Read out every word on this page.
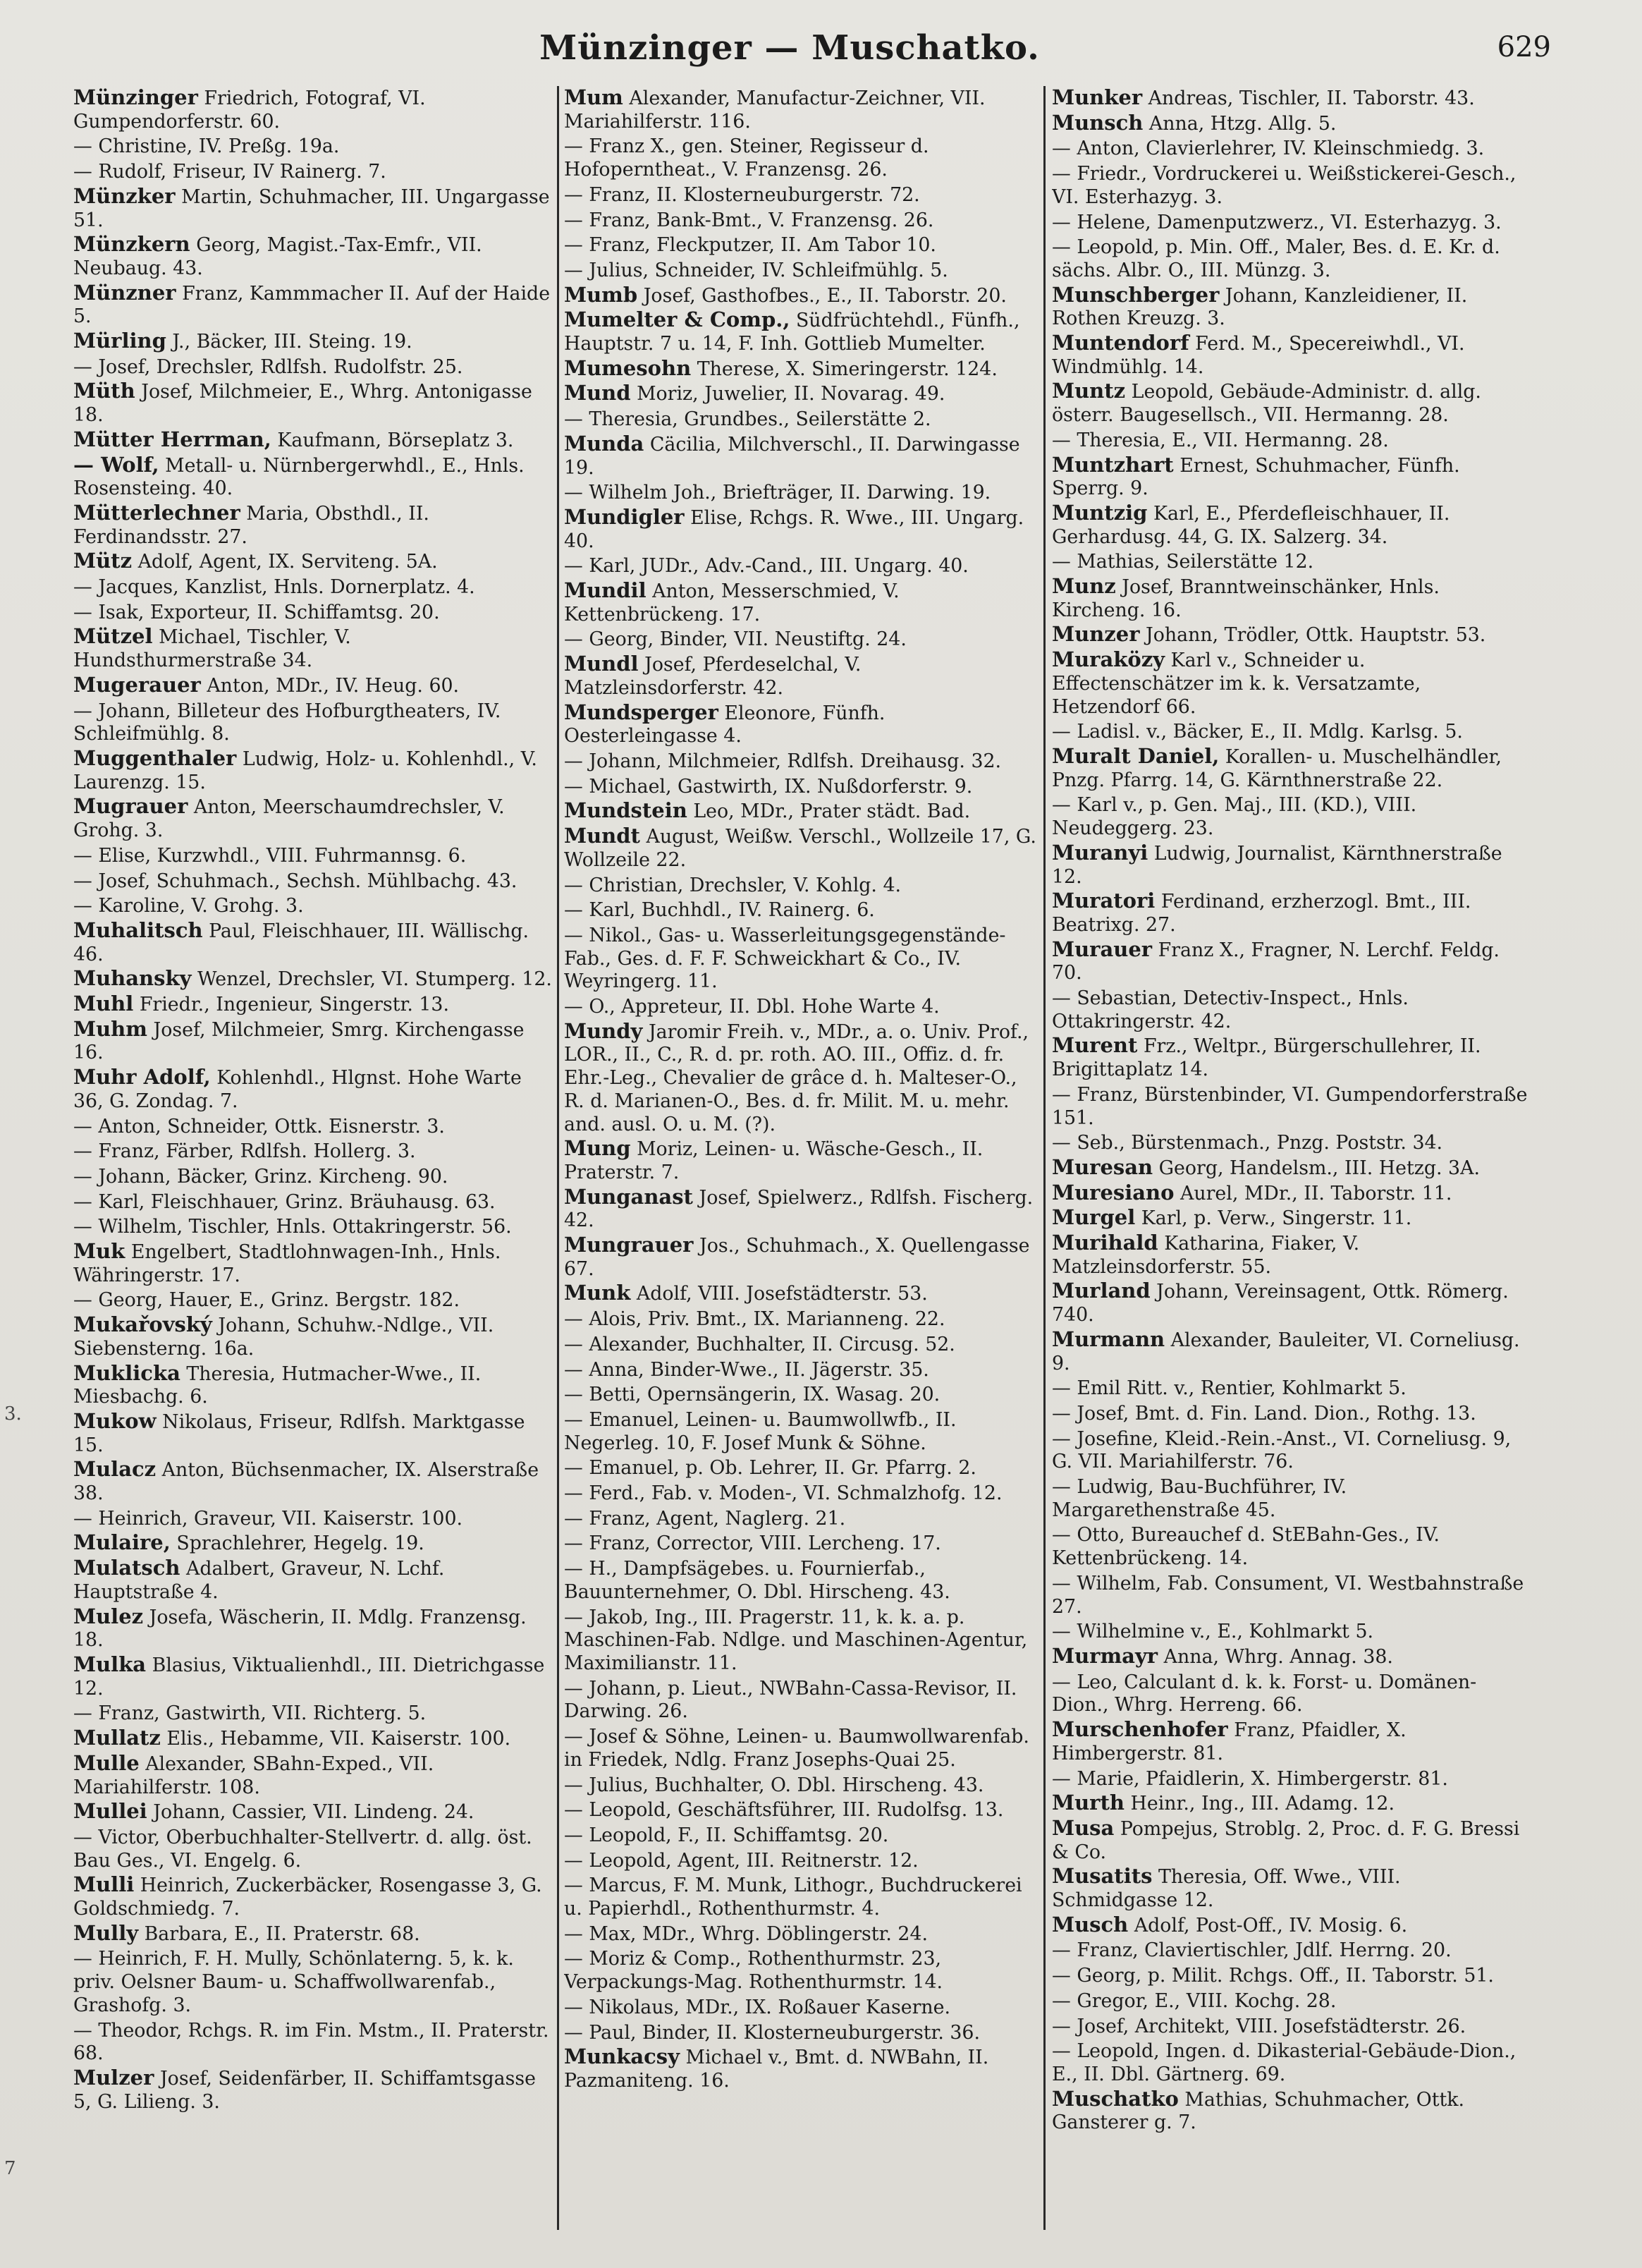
Münzinger — Muschatko.	629
3.
7
Münzinger Friedrich, Fotograf, VI. Gumpendorferstr. 60.
— Christine, IV. Preßg. 19a.
— Rudolf, Friseur, IV Rainerg. 7.
Münzker Martin, Schuhmacher, III. Ungargasse 51.
Münzkern Georg, Magist.-Tax-Emfr., VII. Neubaug. 43.
Münzner Franz, Kammmacher II. Auf der Haide 5.
Mürling J., Bäcker, III. Steing. 19.
— Josef, Drechsler, Rdlfsh. Rudolfstr. 25.
Müth Josef, Milchmeier, E., Whrg. Antonigasse 18.
Mütter Herrman, Kaufmann, Börseplatz 3.
— Wolf, Metall- u. Nürnbergerwhdl., E., Hnls. Rosensteing. 40.
Mütterlechner Maria, Obsthdl., II. Ferdinandsstr. 27.
Mütz Adolf, Agent, IX. Serviteng. 5A.
— Jacques, Kanzlist, Hnls. Dornerplatz. 4.
— Isak, Exporteur, II. Schiffamtsg. 20.
Mützel Michael, Tischler, V. Hundsthurmerstraße 34.
Mugerauer Anton, MDr., IV. Heug. 60.
— Johann, Billeteur des Hofburgtheaters, IV. Schleifmühlg. 8.
Muggenthaler Ludwig, Holz- u. Kohlenhdl., V. Laurenzg. 15.
Mugrauer Anton, Meerschaumdrechsler, V. Grohg. 3.
— Elise, Kurzwhdl., VIII. Fuhrmannsg. 6.
— Josef, Schuhmach., Sechsh. Mühlbachg. 43.
— Karoline, V. Grohg. 3.
Muhalitsch Paul, Fleischhauer, III. Wällischg. 46.
Muhansky Wenzel, Drechsler, VI. Stumperg. 12.
Muhl Friedr., Ingenieur, Singerstr. 13.
Muhm Josef, Milchmeier, Smrg. Kirchengasse 16.
Muhr Adolf, Kohlenhdl., Hlgnst. Hohe Warte 36, G. Zondag. 7.
— Anton, Schneider, Ottk. Eisnerstr. 3.
— Franz, Färber, Rdlfsh. Hollerg. 3.
— Johann, Bäcker, Grinz. Kircheng. 90.
— Karl, Fleischhauer, Grinz. Bräuhausg. 63.
— Wilhelm, Tischler, Hnls. Ottakringerstr. 56.
Muk Engelbert, Stadtlohnwagen-Inh., Hnls. Währingerstr. 17.
— Georg, Hauer, E., Grinz. Bergstr. 182.
Mukařovský Johann, Schuhw.-Ndlge., VII. Siebensterng. 16a.
Muklicka Theresia, Hutmacher-Wwe., II. Miesbachg. 6.
Mukow Nikolaus, Friseur, Rdlfsh. Marktgasse 15.
Mulacz Anton, Büchsenmacher, IX. Alserstraße 38.
— Heinrich, Graveur, VII. Kaiserstr. 100.
Mulaire, Sprachlehrer, Hegelg. 19.
Mulatsch Adalbert, Graveur, N. Lchf. Hauptstraße 4.
Mulez Josefa, Wäscherin, II. Mdlg. Franzensg. 18.
Mulka Blasius, Viktualienhdl., III. Dietrichgasse 12.
— Franz, Gastwirth, VII. Richterg. 5.
Mullatz Elis., Hebamme, VII. Kaiserstr. 100.
Mulle Alexander, SBahn-Exped., VII. Mariahilferstr. 108.
Mullei Johann, Cassier, VII. Lindeng. 24.
— Victor, Oberbuchhalter-Stellvertr. d. allg. öst. Bau Ges., VI. Engelg. 6.
Mulli Heinrich, Zuckerbäcker, Rosengasse 3, G. Goldschmiedg. 7.
Mully Barbara, E., II. Praterstr. 68.
— Heinrich, F. H. Mully, Schönlaterng. 5, k. k. priv. Oelsner Baum- u. Schaffwollwarenfab., Grashofg. 3.
— Theodor, Rchgs. R. im Fin. Mstm., II. Praterstr. 68.
Mulzer Josef, Seidenfärber, II. Schiffamtsgasse 5, G. Lilieng. 3.
Mum Alexander, Manufactur-Zeichner, VII. Mariahilferstr. 116.
— Franz X., gen. Steiner, Regisseur d. Hofoperntheat., V. Franzensg. 26.
— Franz, II. Klosterneuburgerstr. 72.
— Franz, Bank-Bmt., V. Franzensg. 26.
— Franz, Fleckputzer, II. Am Tabor 10.
— Julius, Schneider, IV. Schleifmühlg. 5.
Mumb Josef, Gasthofbes., E., II. Taborstr. 20.
Mumelter & Comp., Südfrüchtehdl., Fünfh., Hauptstr. 7 u. 14, F. Inh. Gottlieb Mumelter.
Mumesohn Therese, X. Simeringerstr. 124.
Mund Moriz, Juwelier, II. Novarag. 49.
— Theresia, Grundbes., Seilerstätte 2.
Munda Cäcilia, Milchverschl., II. Darwingasse 19.
— Wilhelm Joh., Briefträger, II. Darwing. 19.
Mundigler Elise, Rchgs. R. Wwe., III. Ungarg. 40.
— Karl, JUDr., Adv.-Cand., III. Ungarg. 40.
Mundil Anton, Messerschmied, V. Kettenbrückeng. 17.
— Georg, Binder, VII. Neustiftg. 24.
Mundl Josef, Pferdeselchal, V. Matzleinsdorferstr. 42.
Mundsperger Eleonore, Fünfh. Oesterleingasse 4.
— Johann, Milchmeier, Rdlfsh. Dreihausg. 32.
— Michael, Gastwirth, IX. Nußdorferstr. 9.
Mundstein Leo, MDr., Prater städt. Bad.
Mundt August, Weißw. Verschl., Wollzeile 17, G. Wollzeile 22.
— Christian, Drechsler, V. Kohlg. 4.
— Karl, Buchhdl., IV. Rainerg. 6.
— Nikol., Gas- u. Wasserleitungsgegenstände-Fab., Ges. d. F. F. Schweickhart & Co., IV. Weyringerg. 11.
— O., Appreteur, II. Dbl. Hohe Warte 4.
Mundy Jaromir Freih. v., MDr., a. o. Univ. Prof., LOR., II., C., R. d. pr. roth. AO. III., Offiz. d. fr. Ehr.-Leg., Chevalier de grâce d. h. Malteser-O., R. d. Marianen-O., Bes. d. fr. Milit. M. u. mehr. and. ausl. O. u. M. (?).
Mung Moriz, Leinen- u. Wäsche-Gesch., II. Praterstr. 7.
Munganast Josef, Spielwerz., Rdlfsh. Fischerg. 42.
Mungrauer Jos., Schuhmach., X. Quellengasse 67.
Munk Adolf, VIII. Josefstädterstr. 53.
— Alois, Priv. Bmt., IX. Marianneng. 22.
— Alexander, Buchhalter, II. Circusg. 52.
— Anna, Binder-Wwe., II. Jägerstr. 35.
— Betti, Opernsängerin, IX. Wasag. 20.
— Emanuel, Leinen- u. Baumwollwfb., II. Negerleg. 10, F. Josef Munk & Söhne.
— Emanuel, p. Ob. Lehrer, II. Gr. Pfarrg. 2.
— Ferd., Fab. v. Moden-, VI. Schmalzhofg. 12.
— Franz, Agent, Naglerg. 21.
— Franz, Corrector, VIII. Lercheng. 17.
— H., Dampfsägebes. u. Fournierfab., Bauunternehmer, O. Dbl. Hirscheng. 43.
— Jakob, Ing., III. Pragerstr. 11, k. k. a. p. Maschinen-Fab. Ndlge. und Maschinen-Agentur, Maximilianstr. 11.
— Johann, p. Lieut., NWBahn-Cassa-Revisor, II. Darwing. 26.
— Josef & Söhne, Leinen- u. Baumwollwarenfab. in Friedek, Ndlg. Franz Josephs-Quai 25.
— Julius, Buchhalter, O. Dbl. Hirscheng. 43.
— Leopold, Geschäftsführer, III. Rudolfsg. 13.
— Leopold, F., II. Schiffamtsg. 20.
— Leopold, Agent, III. Reitnerstr. 12.
— Marcus, F. M. Munk, Lithogr., Buchdruckerei u. Papierhdl., Rothenthurmstr. 4.
— Max, MDr., Whrg. Döblingerstr. 24.
— Moriz & Comp., Rothenthurmstr. 23, Verpackungs-Mag. Rothenthurmstr. 14.
— Nikolaus, MDr., IX. Roßauer Kaserne.
— Paul, Binder, II. Klosterneuburgerstr. 36.
Munkacsy Michael v., Bmt. d. NWBahn, II. Pazmaniteng. 16.
Munker Andreas, Tischler, II. Taborstr. 43.
Munsch Anna, Htzg. Allg. 5.
— Anton, Clavierlehrer, IV. Kleinschmiedg. 3.
— Friedr., Vordruckerei u. Weißstickerei-Gesch., VI. Esterhazyg. 3.
— Helene, Damenputzwerz., VI. Esterhazyg. 3.
— Leopold, p. Min. Off., Maler, Bes. d. E. Kr. d. sächs. Albr. O., III. Münzg. 3.
Munschberger Johann, Kanzleidiener, II. Rothen Kreuzg. 3.
Muntendorf Ferd. M., Specereiwhdl., VI. Windmühlg. 14.
Muntz Leopold, Gebäude-Administr. d. allg. österr. Baugesellsch., VII. Hermanng. 28.
— Theresia, E., VII. Hermanng. 28.
Muntzhart Ernest, Schuhmacher, Fünfh. Sperrg. 9.
Muntzig Karl, E., Pferdefleischhauer, II. Gerhardusg. 44, G. IX. Salzerg. 34.
— Mathias, Seilerstätte 12.
Munz Josef, Branntweinschänker, Hnls. Kircheng. 16.
Munzer Johann, Trödler, Ottk. Hauptstr. 53.
Muraközy Karl v., Schneider u. Effectenschätzer im k. k. Versatzamte, Hetzendorf 66.
— Ladisl. v., Bäcker, E., II. Mdlg. Karlsg. 5.
Muralt Daniel, Korallen- u. Muschelhändler, Pnzg. Pfarrg. 14, G. Kärnthnerstraße 22.
— Karl v., p. Gen. Maj., III. (KD.), VIII. Neudeggerg. 23.
Muranyi Ludwig, Journalist, Kärnthnerstraße 12.
Muratori Ferdinand, erzherzogl. Bmt., III. Beatrixg. 27.
Murauer Franz X., Fragner, N. Lerchf. Feldg. 70.
— Sebastian, Detectiv-Inspect., Hnls. Ottakringerstr. 42.
Murent Frz., Weltpr., Bürgerschullehrer, II. Brigittaplatz 14.
— Franz, Bürstenbinder, VI. Gumpendorferstraße 151.
— Seb., Bürstenmach., Pnzg. Poststr. 34.
Muresan Georg, Handelsm., III. Hetzg. 3A.
Muresiano Aurel, MDr., II. Taborstr. 11.
Murgel Karl, p. Verw., Singerstr. 11.
Murihald Katharina, Fiaker, V. Matzleinsdorferstr. 55.
Murland Johann, Vereinsagent, Ottk. Römerg. 740.
Murmann Alexander, Bauleiter, VI. Corneliusg. 9.
— Emil Ritt. v., Rentier, Kohlmarkt 5.
— Josef, Bmt. d. Fin. Land. Dion., Rothg. 13.
— Josefine, Kleid.-Rein.-Anst., VI. Corneliusg. 9, G. VII. Mariahilferstr. 76.
— Ludwig, Bau-Buchführer, IV. Margarethenstraße 45.
— Otto, Bureauchef d. StEBahn-Ges., IV. Kettenbrückeng. 14.
— Wilhelm, Fab. Consument, VI. Westbahnstraße 27.
— Wilhelmine v., E., Kohlmarkt 5.
Murmayr Anna, Whrg. Annag. 38.
— Leo, Calculant d. k. k. Forst- u. Domänen-Dion., Whrg. Herreng. 66.
Murschenhofer Franz, Pfaidler, X. Himbergerstr. 81.
— Marie, Pfaidlerin, X. Himbergerstr. 81.
Murth Heinr., Ing., III. Adamg. 12.
Musa Pompejus, Stroblg. 2, Proc. d. F. G. Bressi & Co.
Musatits Theresia, Off. Wwe., VIII. Schmidgasse 12.
Musch Adolf, Post-Off., IV. Mosig. 6.
— Franz, Claviertischler, Jdlf. Herrng. 20.
— Georg, p. Milit. Rchgs. Off., II. Taborstr. 51.
— Gregor, E., VIII. Kochg. 28.
— Josef, Architekt, VIII. Josefstädterstr. 26.
— Leopold, Ingen. d. Dikasterial-Gebäude-Dion., E., II. Dbl. Gärtnerg. 69.
Muschatko Mathias, Schuhmacher, Ottk. Gansterer g. 7.
